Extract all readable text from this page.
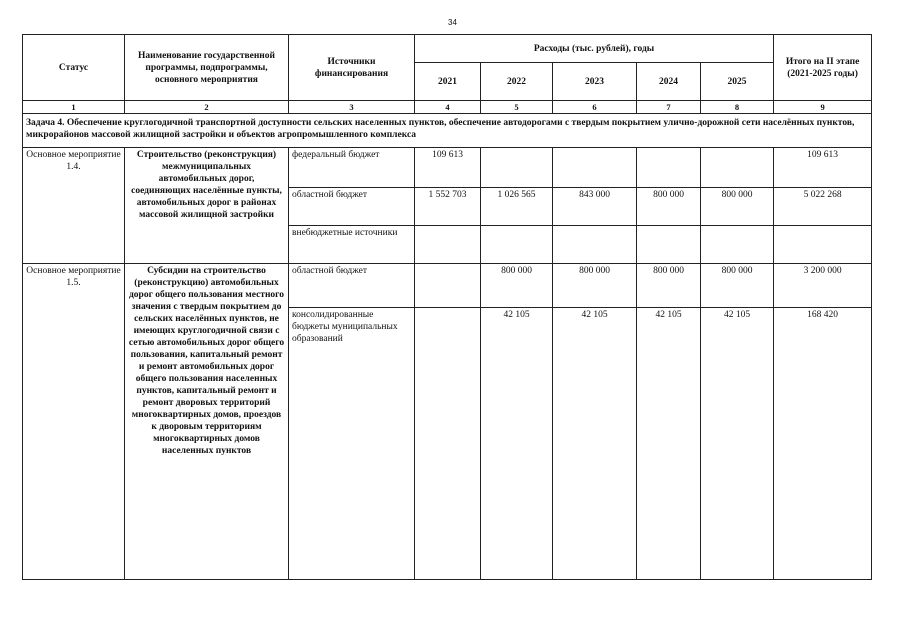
34
Статус	Наименование государственной программы, подпрограммы, основного мероприятия	Источники финансирования	Расходы (тыс. рублей), годы					Итого на II этапе (2021-2025 годы)
			2021	2022	2023	2024	2025	
1	2	3	4	5	6	7	8	9
Задача 4. Обеспечение круглогодичной транспортной доступности сельских населенных пунктов, обеспечение автодорогами с твердым покрытием улично-дорожной сети населённых пунктов, микрорайонов массовой жилищной застройки и объектов агропромышленного комплекса								
Основное мероприятие 1.4.	Строительство (реконструкция) межмуниципальных автомобильных дорог, соединяющих населённые пункты, автомобильных дорог в районах массовой жилищной застройки	федеральный бюджет	109 613					109 613
		областной бюджет	1 552 703	1 026 565	843 000	800 000	800 000	5 022 268
		внебюджетные источники						
Основное мероприятие 1.5.	Субсидии на строительство (реконструкцию) автомобильных дорог общего пользования местного значения с твердым покрытием до сельских населённых пунктов, не имеющих круглогодичной связи с сетью автомобильных дорог общего пользования, капитальный ремонт и ремонт автомобильных дорог общего пользования населенных пунктов, капитальный ремонт и ремонт дворовых территорий многоквартирных домов, проездов к дворовым территориям многоквартирных домов населенных пунктов	областной бюджет		800 000	800 000	800 000	800 000	3 200 000
		консолидированные бюджеты муниципальных образований		42 105	42 105	42 105	42 105	168 420
